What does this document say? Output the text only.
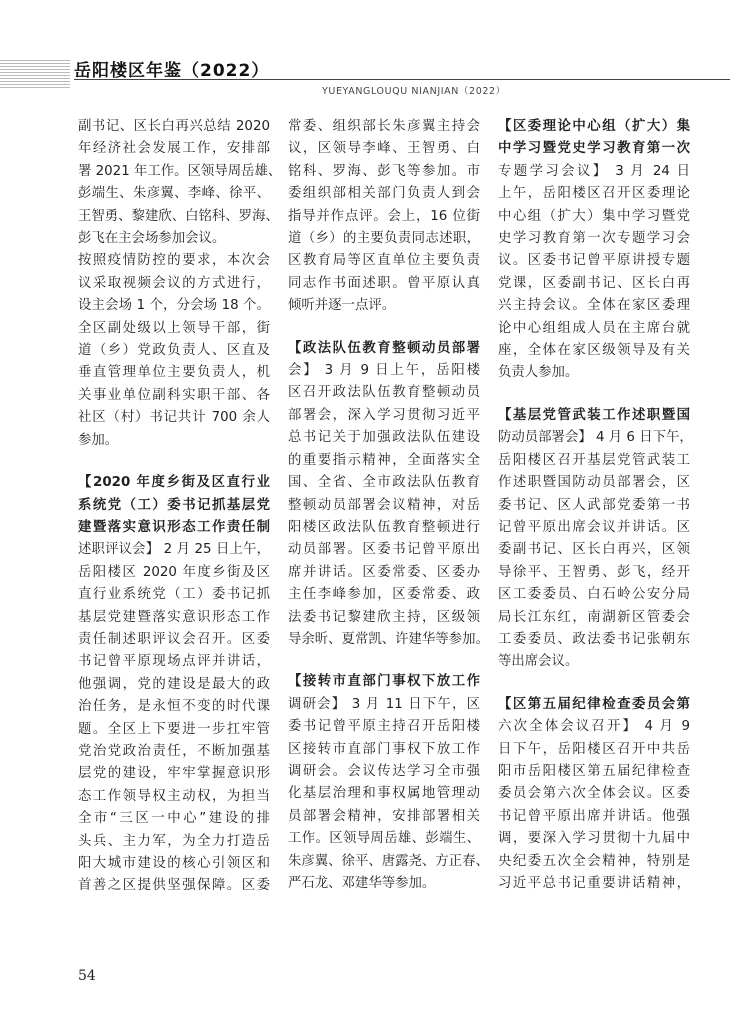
岳阳楼区年鉴（2022）
YUEYANGLOUQU NIANJIAN（2022）
副书记、区长白再兴总结 2020
年经济社会发展工作，安排部
署 2021 年工作。区领导周岳雄、
彭端生、朱彦翼、李峰、徐平、
王智勇、黎建欣、白铭科、罗海、
彭飞在主会场参加会议。
按照疫情防控的要求，本次会
议采取视频会议的方式进行，
设主会场 1 个，分会场 18 个。
全区副处级以上领导干部，街
道（乡）党政负责人、区直及
垂直管理单位主要负责人，机
关事业单位副科实职干部、各
社区（村）书记共计 700 余人
参加。
【2020 年度乡街及区直行业
系统党（工）委书记抓基层党
建暨落实意识形态工作责任制
述职评议会】 2 月 25 日上午，
岳阳楼区 2020 年度乡街及区
直行业系统党（工）委书记抓
基层党建暨落实意识形态工作
责任制述职评议会召开。区委
书记曾平原现场点评并讲话，
他强调，党的建设是最大的政
治任务，是永恒不变的时代课
题。全区上下要进一步扛牢管
党治党政治责任，不断加强基
层党的建设，牢牢掌握意识形
态工作领导权主动权，为担当
全市“三区一中心”建设的排
头兵、主力军，为全力打造岳
阳大城市建设的核心引领区和
首善之区提供坚强保障。区委
常委、组织部长朱彦翼主持会
议，区领导李峰、王智勇、白
铭科、罗海、彭飞等参加。市
委组织部相关部门负责人到会
指导并作点评。会上，16 位街
道（乡）的主要负责同志述职，
区教育局等区直单位主要负责
同志作书面述职。曾平原认真
倾听并逐一点评。
【政法队伍教育整顿动员部署
会】 3 月 9 日上午，岳阳楼
区召开政法队伍教育整顿动员
部署会，深入学习贯彻习近平
总书记关于加强政法队伍建设
的重要指示精神，全面落实全
国、全省、全市政法队伍教育
整顿动员部署会议精神，对岳
阳楼区政法队伍教育整顿进行
动员部署。区委书记曾平原出
席并讲话。区委常委、区委办
主任李峰参加，区委常委、政
法委书记黎建欣主持，区级领
导余昕、夏常凯、许建华等参加。
【接转市直部门事权下放工作
调研会】 3 月 11 日下午，区
委书记曾平原主持召开岳阳楼
区接转市直部门事权下放工作
调研会。会议传达学习全市强
化基层治理和事权属地管理动
员部署会精神，安排部署相关
工作。区领导周岳雄、彭端生、
朱彦翼、徐平、唐露尧、方正春、
严石龙、邓建华等参加。
【区委理论中心组（扩大）集
中学习暨党史学习教育第一次
专题学习会议】 3 月 24 日
上午，岳阳楼区召开区委理论
中心组（扩大）集中学习暨党
史学习教育第一次专题学习会
议。区委书记曾平原讲授专题
党课，区委副书记、区长白再
兴主持会议。全体在家区委理
论中心组组成人员在主席台就
座，全体在家区级领导及有关
负责人参加。
【基层党管武装工作述职暨国
防动员部署会】 4 月 6 日下午，
岳阳楼区召开基层党管武装工
作述职暨国防动员部署会，区
委书记、区人武部党委第一书
记曾平原出席会议并讲话。区
委副书记、区长白再兴，区领
导徐平、王智勇、彭飞，经开
区工委委员、白石岭公安分局
局长江东红，南湖新区管委会
工委委员、政法委书记张朝东
等出席会议。
【区第五届纪律检查委员会第
六次全体会议召开】 4 月 9
日下午，岳阳楼区召开中共岳
阳市岳阳楼区第五届纪律检查
委员会第六次全体会议。区委
书记曾平原出席并讲话。他强
调，要深入学习贯彻十九届中
央纪委五次全会精神，特别是
习近平总书记重要讲话精神，
54
